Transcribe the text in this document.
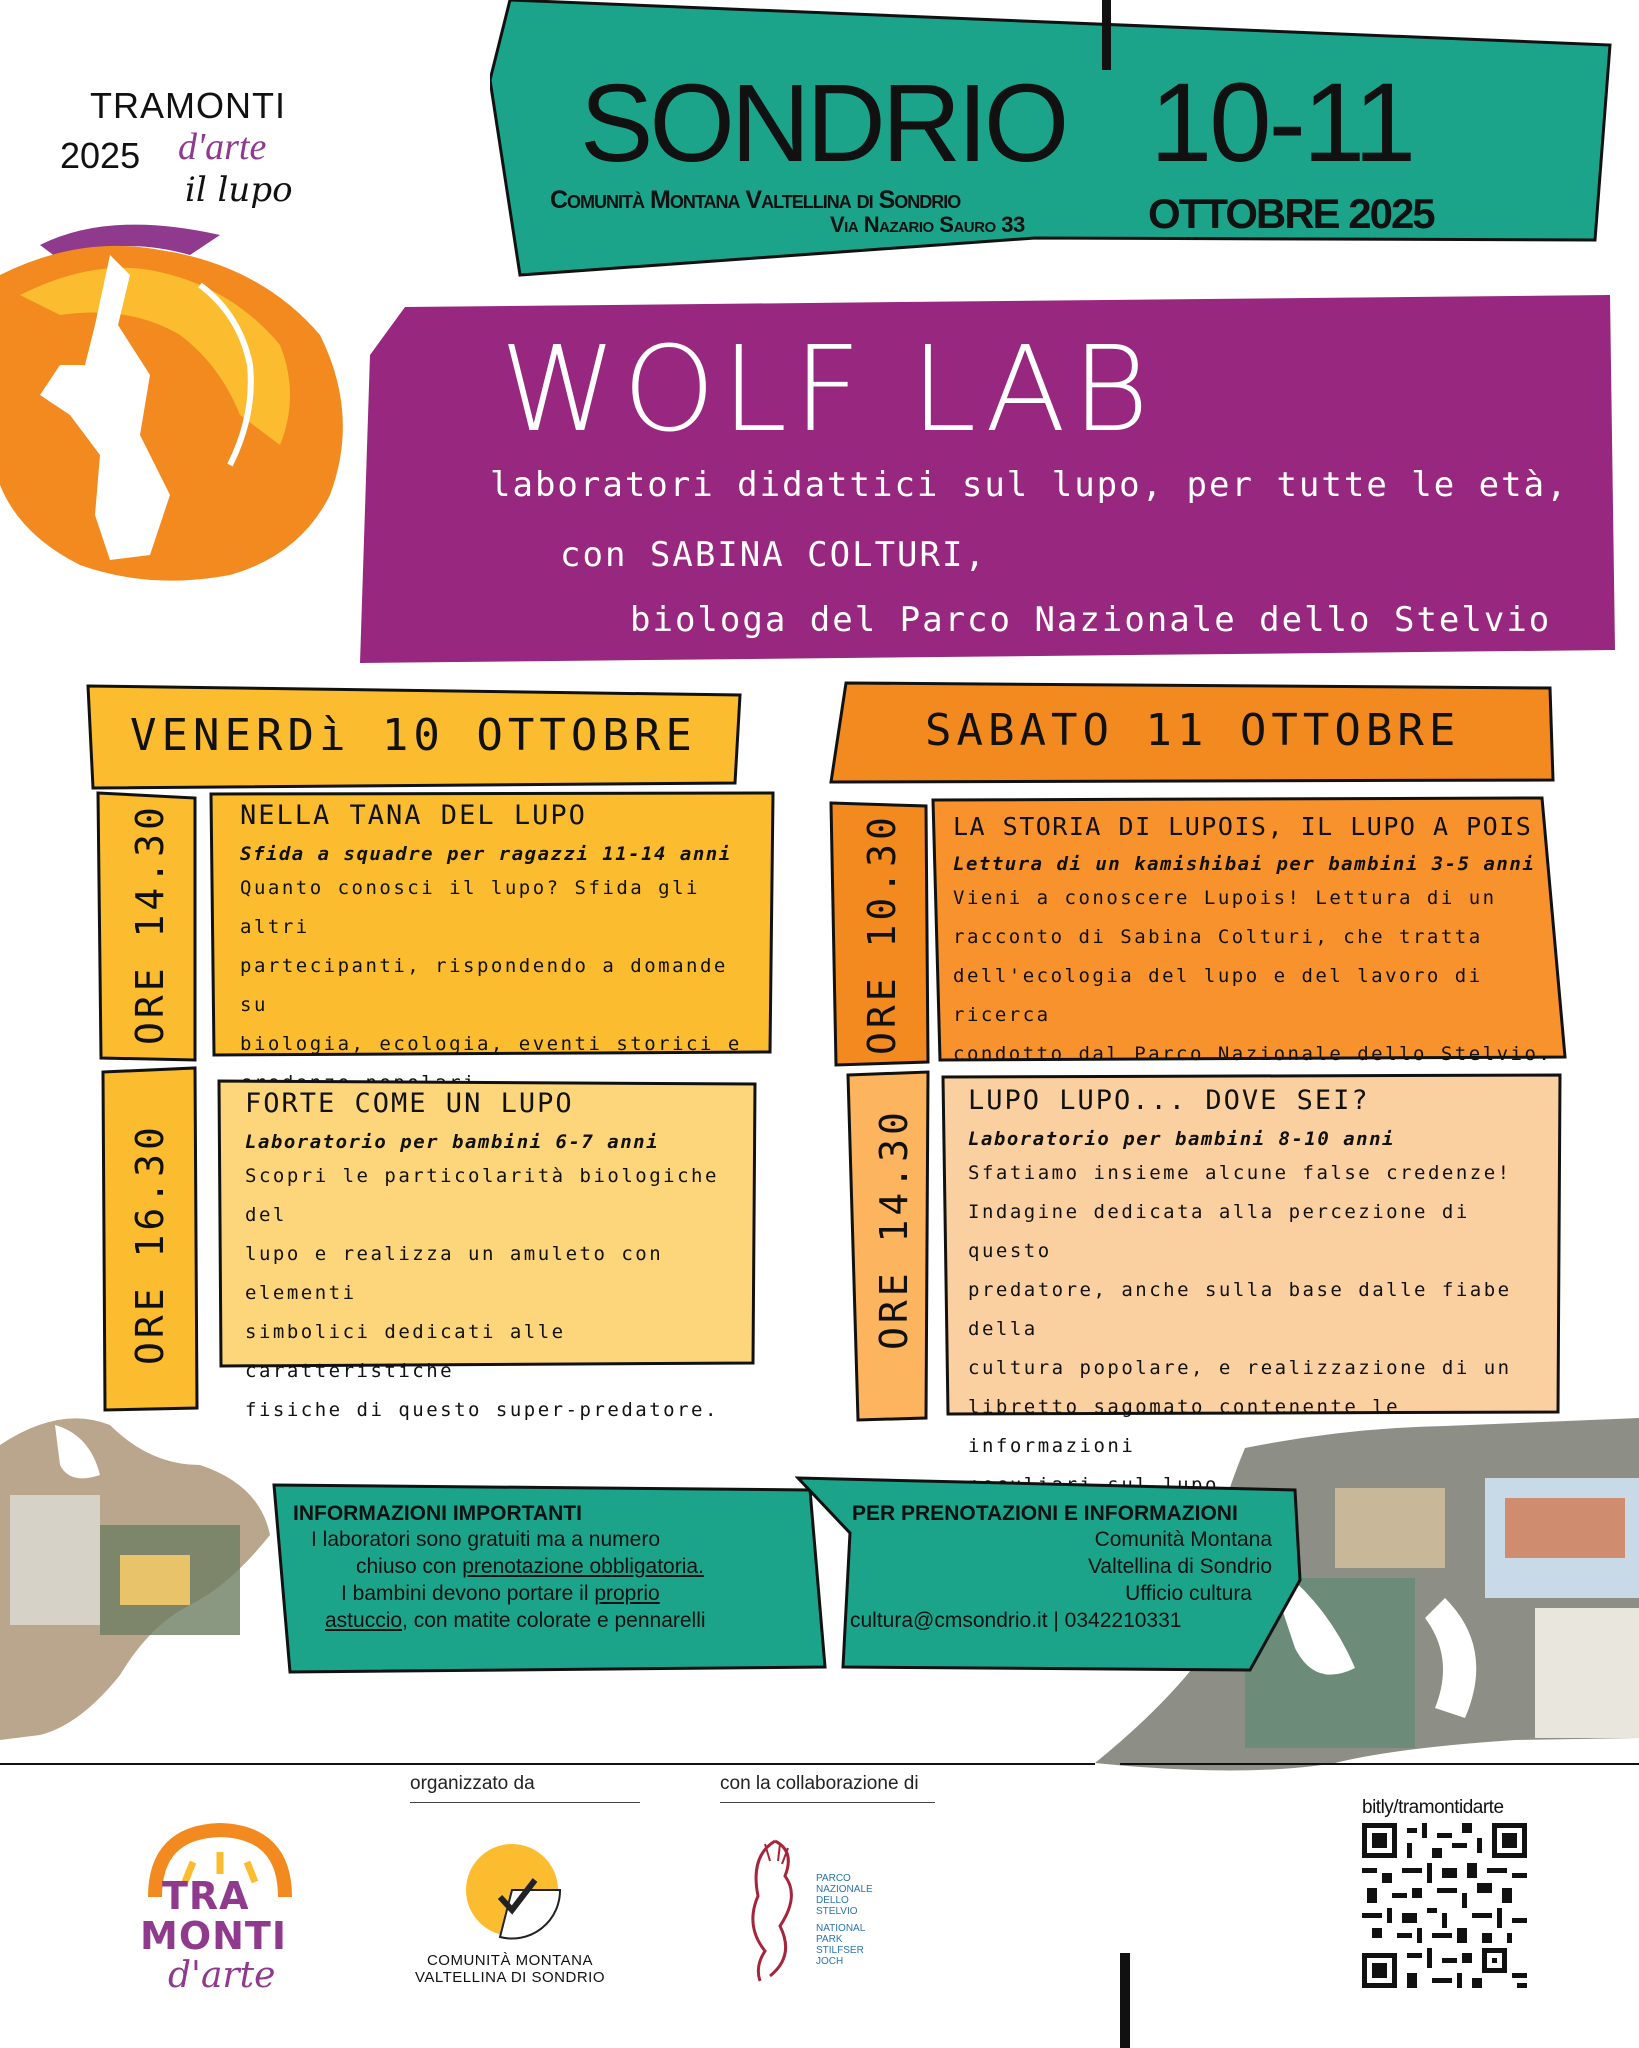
TRAMONTI
2025 d'arte
il lupo
SONDRIO
Comunità Montana Valtellina di Sondrio
Via Nazario Sauro 33
10-11
OTTOBRE 2025
WOLF LAB
laboratori didattici sul lupo, per tutte le età,
con SABINA COLTURI,
biologa del Parco Nazionale dello Stelvio
VENERDì 10 OTTOBRE
ORE 14.30
ORE 16.30
NELLA TANA DEL LUPO
Sfida a squadre per ragazzi 11-14 anni
Quanto conosci il lupo? Sfida gli altri
partecipanti, rispondendo a domande su
biologia, ecologia, eventi storici e
FORTE COME UN LUPO
Laboratorio per bambini 6-7 anni
Scopri le particolarità biologiche del
lupo e realizza un amuleto con elementi
simbolici dedicati alle caratteristiche
fisiche di questo super-predatore.
SABATO 11 OTTOBRE
ORE 10.30
ORE 14.30
LA STORIA DI LUPOIS, IL LUPO A POIS
Lettura di un kamishibai per bambini 3-5 anni
Vieni a conoscere Lupois! Lettura di un
racconto di Sabina Colturi, che tratta
dell'ecologia del lupo e del lavoro di ricerca
condotto dal Parco Nazionale dello Stelvio.
LUPO LUPO... DOVE SEI?
Laboratorio per bambini 8-10 anni
Sfatiamo insieme alcune false credenze!
Indagine dedicata alla percezione di questo
predatore, anche sulla base dalle fiabe della
cultura popolare, e realizzazione di un
libretto sagomato contenente le informazioni
INFORMAZIONI IMPORTANTI

I laboratori sono gratuiti ma a numero

chiuso con prenotazione obbligatoria.

I bambini devono portare il proprio

astuccio, con matite colorate e pennarelli

PER PRENOTAZIONI E INFORMAZIONI

Comunità Montana

Valtellina di Sondrio

Ufficio cultura

cultura@cmsondrio.it | 0342210331

organizzato da	con la collaborazione di
TRA
MONTI
d'arte	COMUNITÀ MONTANA
VALTELLINA DI SONDRIO
PARCO
NAZIONALE
DELLO
STELVIO
NATIONAL
PARK
STILFSER
JOCH
bitly/tramontidarte
